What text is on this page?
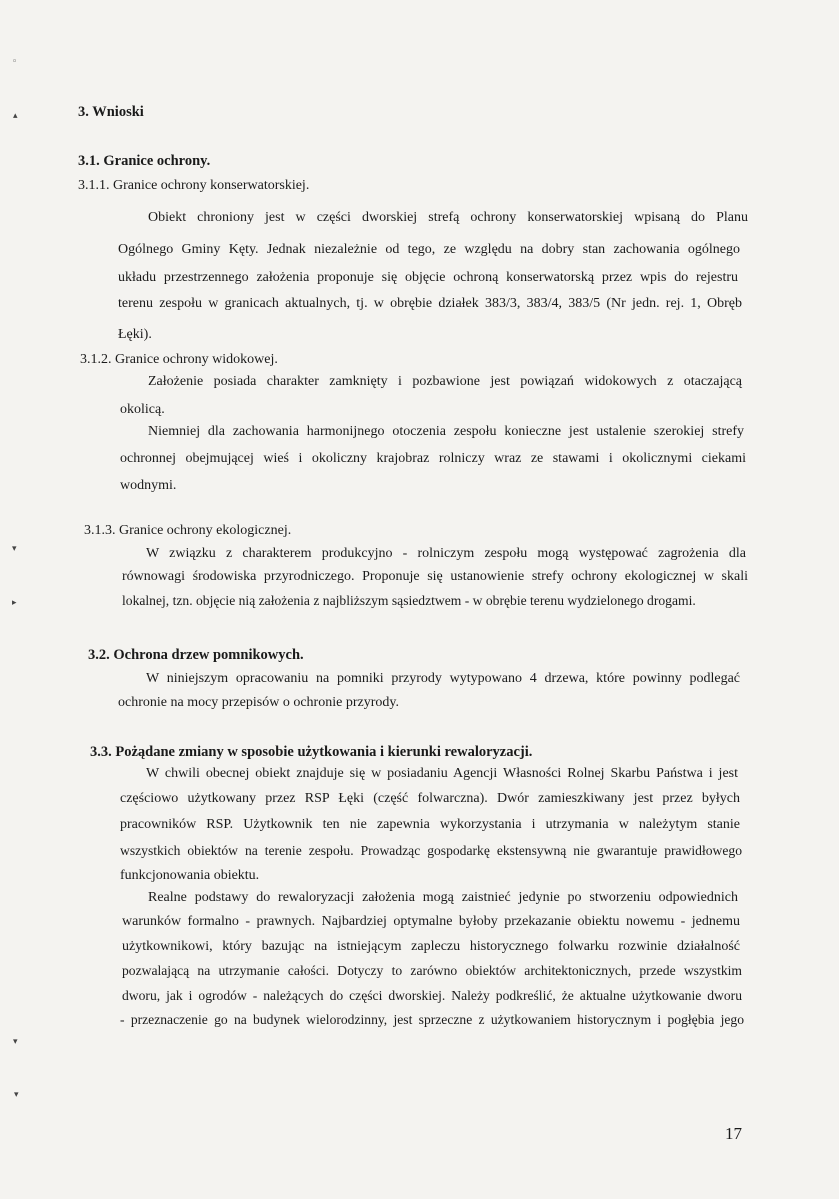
◦
▴
▾
▸
▾
▾
3. Wnioski
3.1. Granice ochrony.
3.1.1. Granice ochrony konserwatorskiej.
Obiekt chroniony jest w części dworskiej strefą ochrony konserwatorskiej wpisaną do Planu
Ogólnego Gminy Kęty. Jednak niezależnie od tego, ze względu na dobry stan zachowania ogólnego
układu przestrzennego założenia proponuje się objęcie ochroną konserwatorską przez wpis do rejestru
terenu zespołu w granicach aktualnych, tj. w obrębie działek 383/3, 383/4, 383/5 (Nr jedn. rej. 1, Obręb
Łęki).
3.1.2. Granice ochrony widokowej.
Założenie posiada charakter zamknięty i pozbawione jest powiązań widokowych z otaczającą
okolicą.
Niemniej dla zachowania harmonijnego otoczenia zespołu konieczne jest ustalenie szerokiej strefy
ochronnej obejmującej wieś i okoliczny krajobraz rolniczy wraz ze stawami i okolicznymi ciekami
wodnymi.
3.1.3. Granice ochrony ekologicznej.
W związku z charakterem produkcyjno - rolniczym zespołu mogą występować zagrożenia dla
równowagi środowiska przyrodniczego. Proponuje się ustanowienie strefy ochrony ekologicznej w skali
lokalnej, tzn. objęcie nią założenia z najbliższym sąsiedztwem - w obrębie terenu wydzielonego drogami.
3.2. Ochrona drzew pomnikowych.
W niniejszym opracowaniu na pomniki przyrody wytypowano 4 drzewa, które powinny podlegać
ochronie na mocy przepisów o ochronie przyrody.
3.3. Pożądane zmiany w sposobie użytkowania i kierunki rewaloryzacji.
W chwili obecnej obiekt znajduje się w posiadaniu Agencji Własności Rolnej Skarbu Państwa i jest
częściowo użytkowany przez RSP Łęki (część folwarczna). Dwór zamieszkiwany jest przez byłych
pracowników RSP. Użytkownik ten nie zapewnia wykorzystania i utrzymania w należytym stanie
wszystkich obiektów na terenie zespołu. Prowadząc gospodarkę ekstensywną nie gwarantuje prawidłowego
funkcjonowania obiektu.
Realne podstawy do rewaloryzacji założenia mogą zaistnieć jedynie po stworzeniu odpowiednich
warunków formalno - prawnych. Najbardziej optymalne byłoby przekazanie obiektu nowemu - jednemu
użytkownikowi, który bazując na istniejącym zapleczu historycznego folwarku rozwinie działalność
pozwalającą na utrzymanie całości. Dotyczy to zarówno obiektów architektonicznych, przede wszystkim
dworu, jak i ogrodów - należących do części dworskiej. Należy podkreślić, że aktualne użytkowanie dworu
- przeznaczenie go na budynek wielorodzinny, jest sprzeczne z użytkowaniem historycznym i pogłębia jego
17
